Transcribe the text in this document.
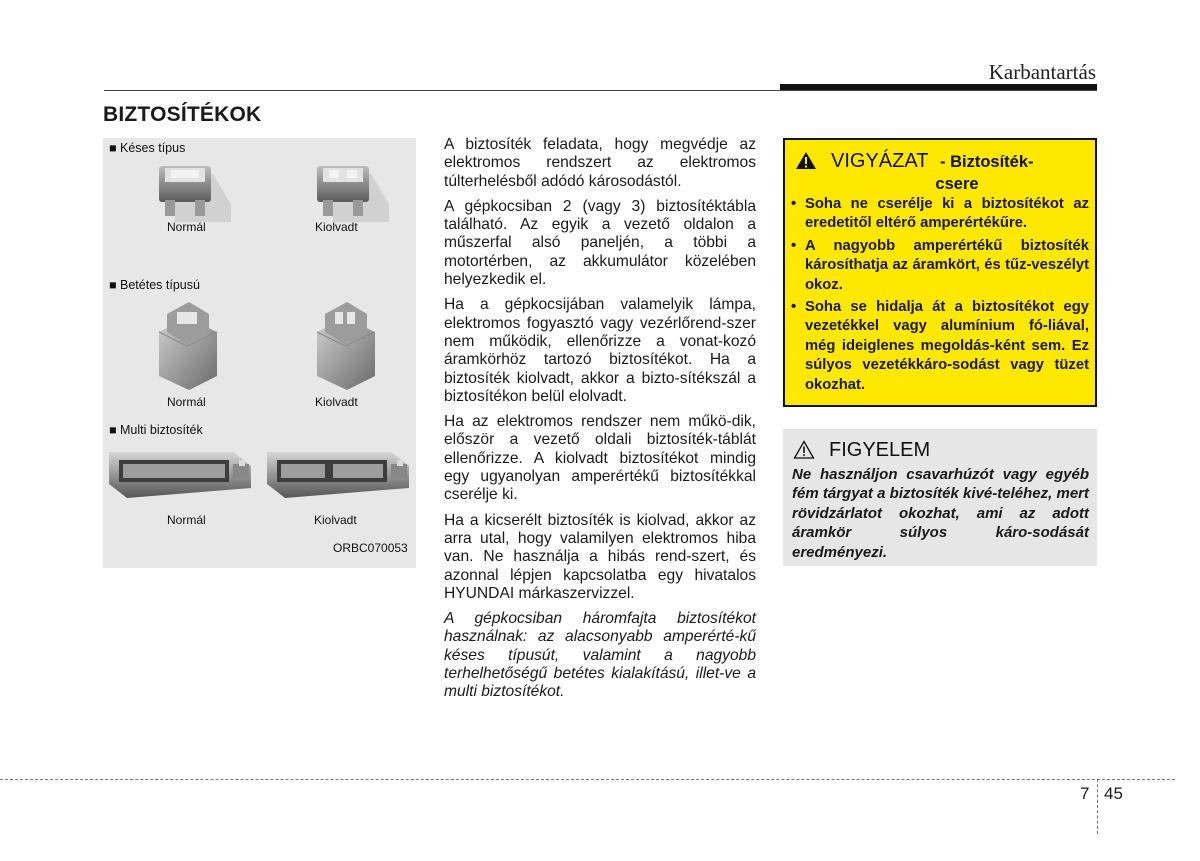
Karbantartás
BIZTOSÍTÉKOK
■ Késes típus
Normál	Kiolvadt
■ Betétes típusú
Normál	Kiolvadt
■ Multi biztosíték
Normál	Kiolvadt
ORBC070053

A biztosíték feladata, hogy megvédje az elektromos rendszert az elektromos túlterhelésből adódó károsodástól.

A gépkocsiban 2 (vagy 3) biztosítéktábla található. Az egyik a vezető oldalon a műszerfal alsó paneljén, a többi a motortérben, az akkumulátor közelében helyezkedik el.

Ha a gépkocsijában valamelyik lámpa, elektromos fogyasztó vagy vezérlőrend-szer nem működik, ellenőrizze a vonat-kozó áramkörhöz tartozó biztosítékot. Ha a biztosíték kiolvadt, akkor a bizto-sítékszál a biztosítékon belül elolvadt.

Ha az elektromos rendszer nem műkö-dik, először a vezető oldali biztosíték-táblát ellenőrizze. A kiolvadt biztosítékot mindig egy ugyanolyan amperértékű biztosítékkal cserélje ki.

Ha a kicserélt biztosíték is kiolvad, akkor az arra utal, hogy valamilyen elektromos hiba van. Ne használja a hibás rend-szert, és azonnal lépjen kapcsolatba egy hivatalos HYUNDAI márkaszervizzel.

A gépkocsiban háromfajta biztosítékot használnak: az alacsonyabb amperérté-kű késes típusút, valamint a nagyobb terhelhetőségű betétes kialakítású, illet-ve a multi biztosítékot.

VIGYÁZAT - Biztosíték-
csere
• Soha ne cserélje ki a biztosítékot az eredetitől eltérő amperértékűre.
• A nagyobb amperértékű biztosíték károsíthatja az áramkört, és tűz-veszélyt okoz.
• Soha se hidalja át a biztosítékot egy vezetékkel vagy alumínium fó-liával, még ideiglenes megoldás-ként sem. Ez súlyos vezetékkáro-sodást vagy tüzet okozhat.
FIGYELEM
Ne használjon csavarhúzót vagy egyéb fém tárgyat a biztosíték kivé-teléhez, mert rövidzárlatot okozhat, ami az adott áramkör súlyos káro-sodását eredményezi.
7 45
